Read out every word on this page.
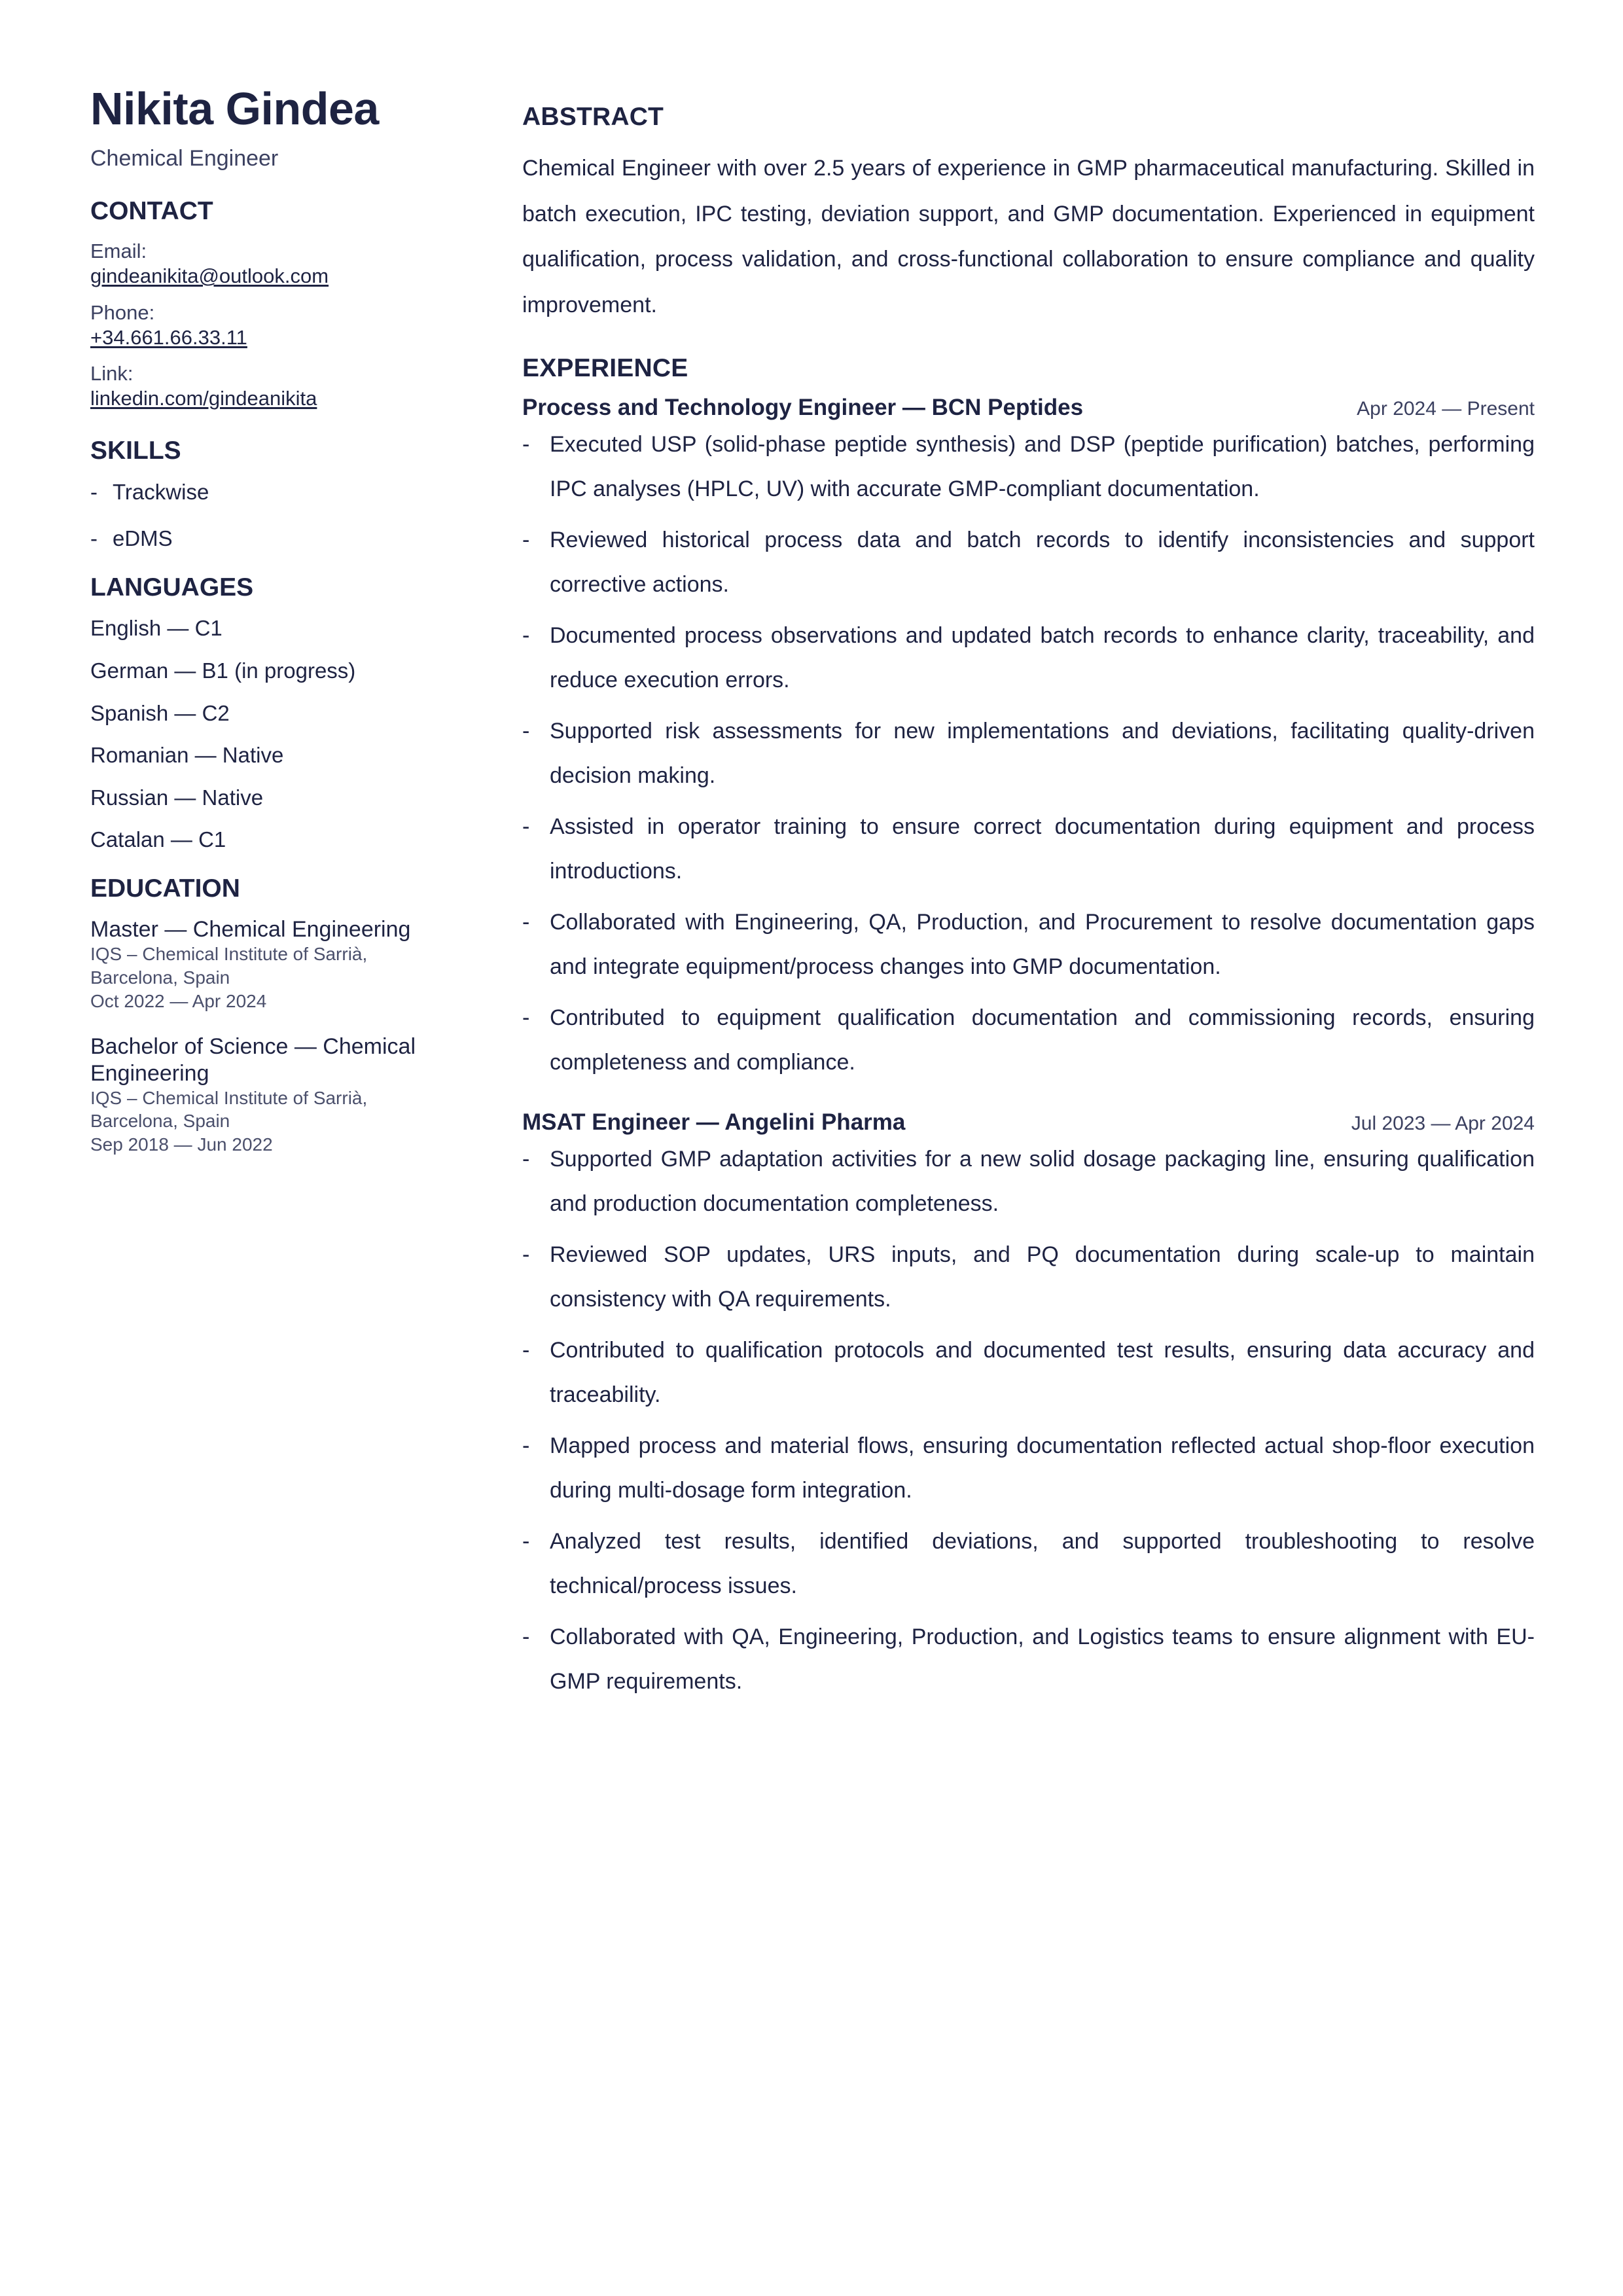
Nikita Gindea
Chemical Engineer
CONTACT
Email:
gindeanikita@outlook.com
Phone:
+34.661.66.33.11
Link:
linkedin.com/gindeanikita
SKILLS
- Trackwise
- eDMS
LANGUAGES
English — C1
German — B1 (in progress)
Spanish — C2
Romanian — Native
Russian — Native
Catalan — C1
EDUCATION
Master — Chemical Engineering
IQS – Chemical Institute of Sarrià,
Barcelona, Spain
Oct 2022 — Apr 2024
Bachelor of Science — Chemical Engineering
IQS – Chemical Institute of Sarrià,
Barcelona, Spain
Sep 2018 — Jun 2022
ABSTRACT

Chemical Engineer with over 2.5 years of experience in GMP pharmaceutical manufacturing. Skilled in batch execution, IPC testing, deviation support, and GMP documentation. Experienced in equipment qualification, process validation, and cross-functional collaboration to ensure compliance and quality improvement.

EXPERIENCE
Process and Technology Engineer — BCN Peptides	Apr 2024 — Present
- Executed USP (solid-phase peptide synthesis) and DSP (peptide purification) batches, performing IPC analyses (HPLC, UV) with accurate GMP-compliant documentation.
- Reviewed historical process data and batch records to identify inconsistencies and support corrective actions.
- Documented process observations and updated batch records to enhance clarity, traceability, and reduce execution errors.
- Supported risk assessments for new implementations and deviations, facilitating quality-driven decision making.
- Assisted in operator training to ensure correct documentation during equipment and process introductions.
- Collaborated with Engineering, QA, Production, and Procurement to resolve documentation gaps and integrate equipment/process changes into GMP documentation.
- Contributed to equipment qualification documentation and commissioning records, ensuring completeness and compliance.
MSAT Engineer — Angelini Pharma	Jul 2023 — Apr 2024
- Supported GMP adaptation activities for a new solid dosage packaging line, ensuring qualification and production documentation completeness.
- Reviewed SOP updates, URS inputs, and PQ documentation during scale-up to maintain consistency with QA requirements.
- Contributed to qualification protocols and documented test results, ensuring data accuracy and traceability.
- Mapped process and material flows, ensuring documentation reflected actual shop-floor execution during multi-dosage form integration.
- Analyzed test results, identified deviations, and supported troubleshooting to resolve technical/process issues.
- Collaborated with QA, Engineering, Production, and Logistics teams to ensure alignment with EU-GMP requirements.
